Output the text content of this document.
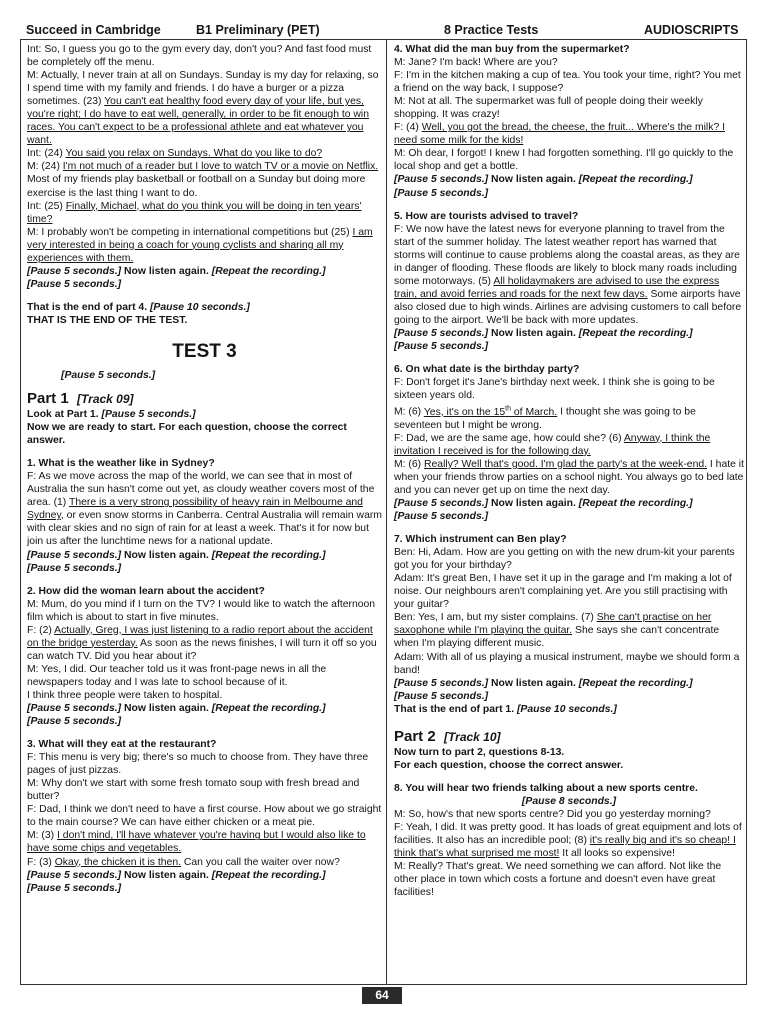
Succeed in Cambridge	B1 Preliminary (PET)	8 Practice Tests	AUDIOSCRIPTS

Int: So, I guess you go to the gym every day, don't you? And fast food must be completely off the menu.

M: Actually, I never train at all on Sundays. Sunday is my day for relaxing, so I spend time with my family and friends. I do have a burger or a pizza sometimes. (23) You can't eat healthy food every day of your life, but yes, you're right; I do have to eat well, generally, in order to be fit enough to win races. You can't expect to be a professional athlete and eat whatever you want.

Int: (24) You said you relax on Sundays. What do you like to do?

M: (24) I'm not much of a reader but I love to watch TV or a movie on Netflix. Most of my friends play basketball or football on a Sunday but doing more exercise is the last thing I want to do.

Int: (25) Finally, Michael, what do you think you will be doing in ten years' time?

M: I probably won't be competing in international competitions but (25) I am very interested in being a coach for young cyclists and sharing all my experiences with them.

[Pause 5 seconds.] Now listen again. [Repeat the recording.]

[Pause 5 seconds.]

That is the end of part 4. [Pause 10 seconds.]

THAT IS THE END OF THE TEST.

TEST 3

[Pause 5 seconds.]

Part 1 [Track 09]

Look at Part 1. [Pause 5 seconds.]

Now we are ready to start. For each question, choose the correct answer.

1. What is the weather like in Sydney?

F: As we move across the map of the world, we can see that in most of Australia the sun hasn't come out yet, as cloudy weather covers most of the area. (1) There is a very strong possibility of heavy rain in Melbourne and Sydney, or even snow storms in Canberra. Central Australia will remain warm with clear skies and no sign of rain for at least a week. That's it for now but join us after the lunchtime news for a national update.

[Pause 5 seconds.] Now listen again. [Repeat the recording.]

[Pause 5 seconds.]

2. How did the woman learn about the accident?

M: Mum, do you mind if I turn on the TV? I would like to watch the afternoon film which is about to start in five minutes.

F: (2) Actually, Greg, I was just listening to a radio report about the accident on the bridge yesterday. As soon as the news finishes, I will turn it off so you can watch TV. Did you hear about it?

M: Yes, I did. Our teacher told us it was front-page news in all the newspapers today and I was late to school because of it.

I think three people were taken to hospital.

[Pause 5 seconds.] Now listen again. [Repeat the recording.]

[Pause 5 seconds.]

3. What will they eat at the restaurant?

F: This menu is very big; there's so much to choose from. They have three pages of just pizzas.

M: Why don't we start with some fresh tomato soup with fresh bread and butter?

F: Dad, I think we don't need to have a first course. How about we go straight to the main course? We can have either chicken or a meat pie.

M: (3) I don't mind, I'll have whatever you're having but I would also like to have some chips and vegetables.

F: (3) Okay, the chicken it is then. Can you call the waiter over now?

[Pause 5 seconds.] Now listen again. [Repeat the recording.]

[Pause 5 seconds.]

4. What did the man buy from the supermarket?

M: Jane? I'm back! Where are you?

F: I'm in the kitchen making a cup of tea. You took your time, right? You met a friend on the way back, I suppose?

M: Not at all. The supermarket was full of people doing their weekly shopping. It was crazy!

F: (4) Well, you got the bread, the cheese, the fruit... Where's the milk? I need some milk for the kids!

M: Oh dear, I forgot! I knew I had forgotten something. I'll go quickly to the local shop and get a bottle.

[Pause 5 seconds.] Now listen again. [Repeat the recording.]

[Pause 5 seconds.]

5. How are tourists advised to travel?

F: We now have the latest news for everyone planning to travel from the start of the summer holiday. The latest weather report has warned that storms will continue to cause problems along the coastal areas, as they are in danger of flooding. These floods are likely to block many roads including some motorways. (5) All holidaymakers are advised to use the express train, and avoid ferries and roads for the next few days. Some airports have also closed due to high winds. Airlines are advising customers to call before going to the airport. We'll be back with more updates.

[Pause 5 seconds.] Now listen again. [Repeat the recording.]

[Pause 5 seconds.]

6. On what date is the birthday party?

F: Don't forget it's Jane's birthday next week. I think she is going to be sixteen years old.

M: (6) Yes, it's on the 15th of March. I thought she was going to be seventeen but I might be wrong.

F: Dad, we are the same age, how could she? (6) Anyway, I think the invitation I received is for the following day.

M: (6) Really? Well that's good. I'm glad the party's at the week-end. I hate it when your friends throw parties on a school night. You always go to bed late and you can never get up on time the next day.

[Pause 5 seconds.] Now listen again. [Repeat the recording.]

[Pause 5 seconds.]

7. Which instrument can Ben play?

Ben: Hi, Adam. How are you getting on with the new drum-kit your parents got you for your birthday?

Adam: It's great Ben, I have set it up in the garage and I'm making a lot of noise. Our neighbours aren't complaining yet. Are you still practising with your guitar?

Ben: Yes, I am, but my sister complains. (7) She can't practise on her saxophone while I'm playing the guitar. She says she can't concentrate when I'm playing different music.

Adam: With all of us playing a musical instrument, maybe we should form a band!

[Pause 5 seconds.] Now listen again. [Repeat the recording.]

[Pause 5 seconds.]

That is the end of part 1. [Pause 10 seconds.]

Part 2 [Track 10]

Now turn to part 2, questions 8-13.

For each question, choose the correct answer.

8. You will hear two friends talking about a new sports centre.

[Pause 8 seconds.]

M: So, how's that new sports centre? Did you go yesterday morning?

F: Yeah, I did. It was pretty good. It has loads of great equipment and lots of facilities. It also has an incredible pool; (8) it's really big and it's so cheap! I think that's what surprised me most! It all looks so expensive!

M: Really? That's great. We need something we can afford. Not like the other place in town which costs a fortune and doesn't even have great facilities!

64
